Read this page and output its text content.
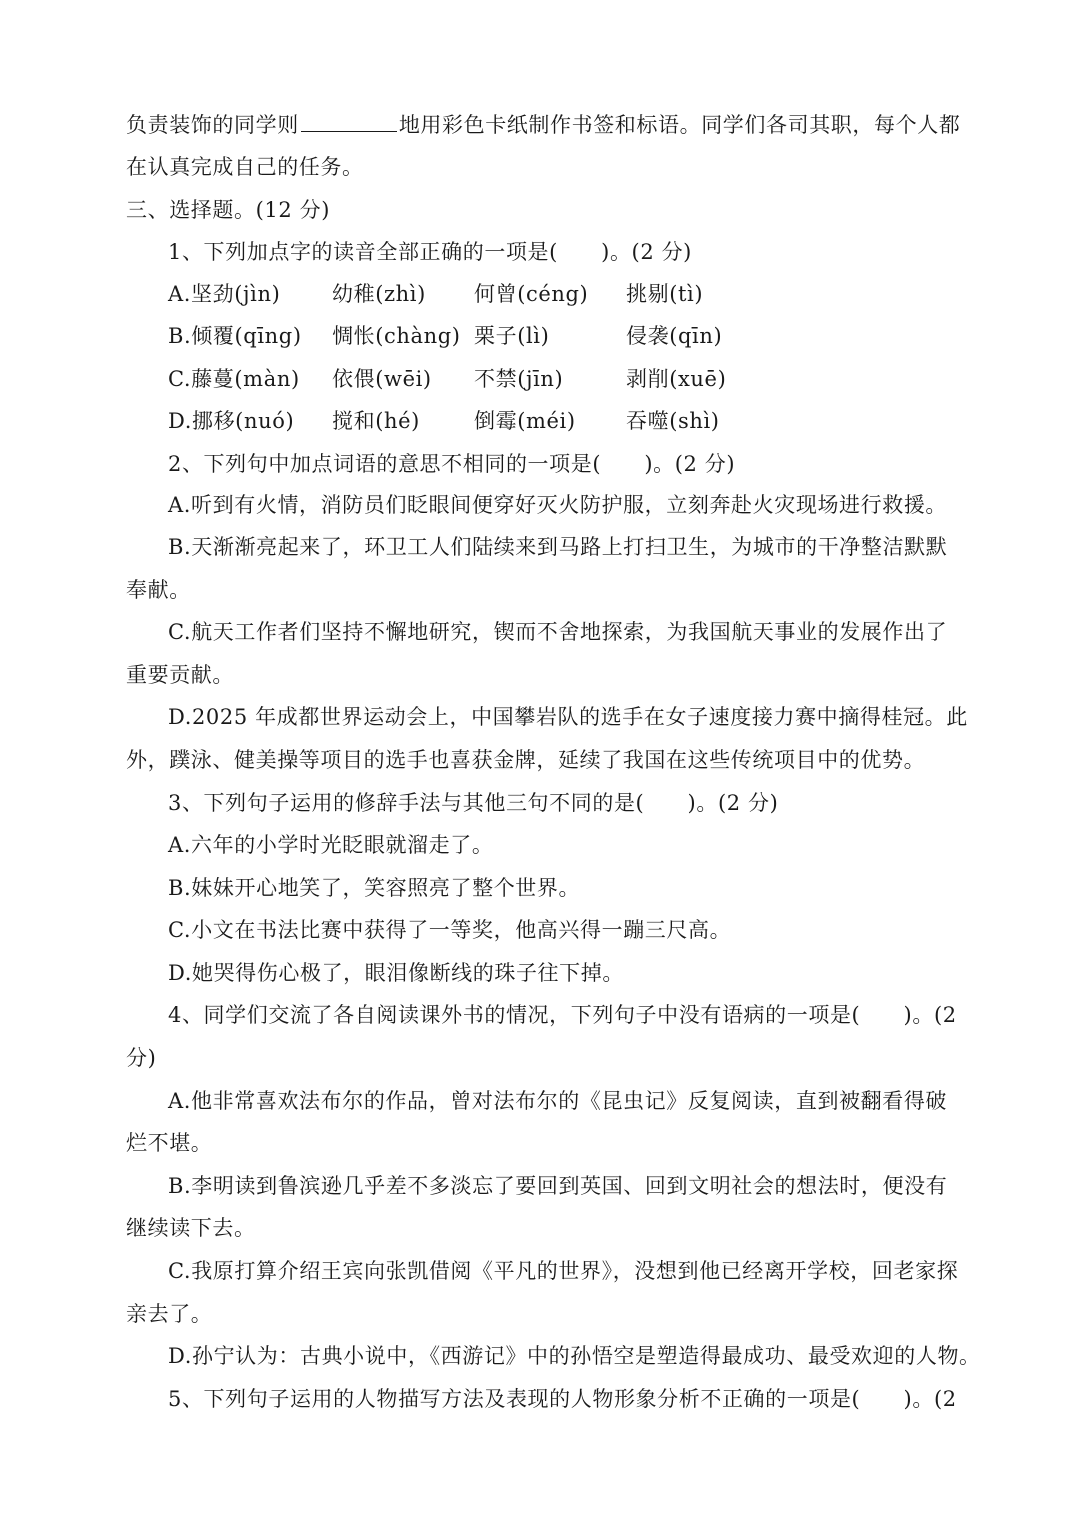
负责装饰的同学则	地用彩色卡纸制作书签和标语。同学们各司其职，每个人都
在认真完成自己的任务。
三、选择题。(12 分)
1、下列加点字的读音全部正确的一项是(　　)。(2 分)
A.坚劲(jìn) 幼稚(zhì) 何曾(céng) 挑剔(tì)
B.倾覆(qīng) 惆怅(chàng) 栗子(lì)	侵袭(qīn)
C.藤蔓(màn) 依偎(wēi) 不禁(jīn)	剥削(xuē)
D.挪移(nuó) 搅和(hé)	倒霉(méi) 吞噬(shì)
2、下列句中加点词语的意思不相同的一项是(　　)。(2 分)
A.听到有火情，消防员们眨眼间便穿好灭火防护服，立刻奔赴火灾现场进行救援。
B.天渐渐亮起来了，环卫工人们陆续来到马路上打扫卫生，为城市的干净整洁默默
奉献。
C.航天工作者们坚持不懈地研究，锲而不舍地探索，为我国航天事业的发展作出了
重要贡献。
D.2025 年成都世界运动会上，中国攀岩队的选手在女子速度接力赛中摘得桂冠。此
外，蹼泳、健美操等项目的选手也喜获金牌，延续了我国在这些传统项目中的优势。
3、下列句子运用的修辞手法与其他三句不同的是(　　)。(2 分)
A.六年的小学时光眨眼就溜走了。
B.妹妹开心地笑了，笑容照亮了整个世界。
C.小文在书法比赛中获得了一等奖，他高兴得一蹦三尺高。
D.她哭得伤心极了，眼泪像断线的珠子往下掉。
4、同学们交流了各自阅读课外书的情况，下列句子中没有语病的一项是(　　)。(2
分)
A.他非常喜欢法布尔的作品，曾对法布尔的《昆虫记》反复阅读，直到被翻看得破
烂不堪。
B.李明读到鲁滨逊几乎差不多淡忘了要回到英国、回到文明社会的想法时，便没有
继续读下去。
C.我原打算介绍王宾向张凯借阅《平凡的世界》，没想到他已经离开学校，回老家探
亲去了。
D.孙宁认为：古典小说中，《西游记》中的孙悟空是塑造得最成功、最受欢迎的人物。
5、下列句子运用的人物描写方法及表现的人物形象分析不正确的一项是(　　)。(2
